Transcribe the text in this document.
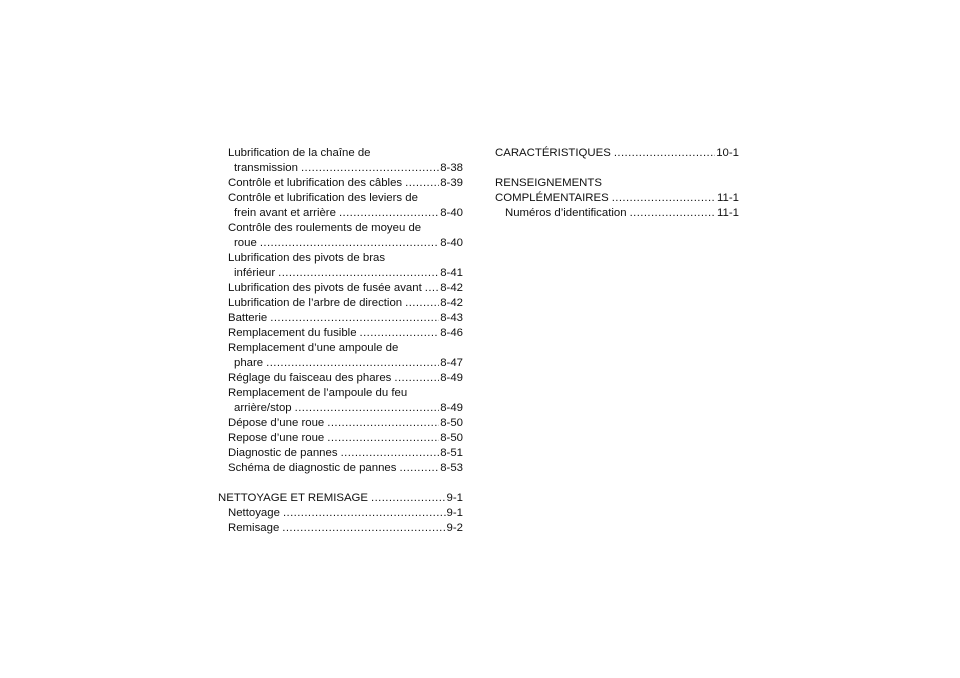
Lubrification de la chaîne de
transmission .....	8-38
Contrôle et lubrification des câbles .....	8-39
Contrôle et lubrification des leviers de
frein avant et arrière .....	8-40
Contrôle des roulements de moyeu de
roue .....	8-40
Lubrification des pivots de bras
inférieur .....	8-41
Lubrification des pivots de fusée avant ..... 8-42
Lubrification de l’arbre de direction .....	8-42
Batterie .....	8-43
Remplacement du fusible .....	8-46
Remplacement d’une ampoule de
phare .....	8-47
Réglage du faisceau des phares .....	8-49
Remplacement de l’ampoule du feu
arrière/stop .....	8-49
Dépose d’une roue .....	8-50
Repose d’une roue .....	8-50
Diagnostic de pannes .....	8-51
Schéma de diagnostic de pannes .....	8-53
NETTOYAGE ET REMISAGE .....	9-1
Nettoyage .....	9-1
Remisage .....	9-2
CARACTÉRISTIQUES .....	10-1
RENSEIGNEMENTS
COMPLÉMENTAIRES .....	11-1
Numéros d’identification .....	11-1
